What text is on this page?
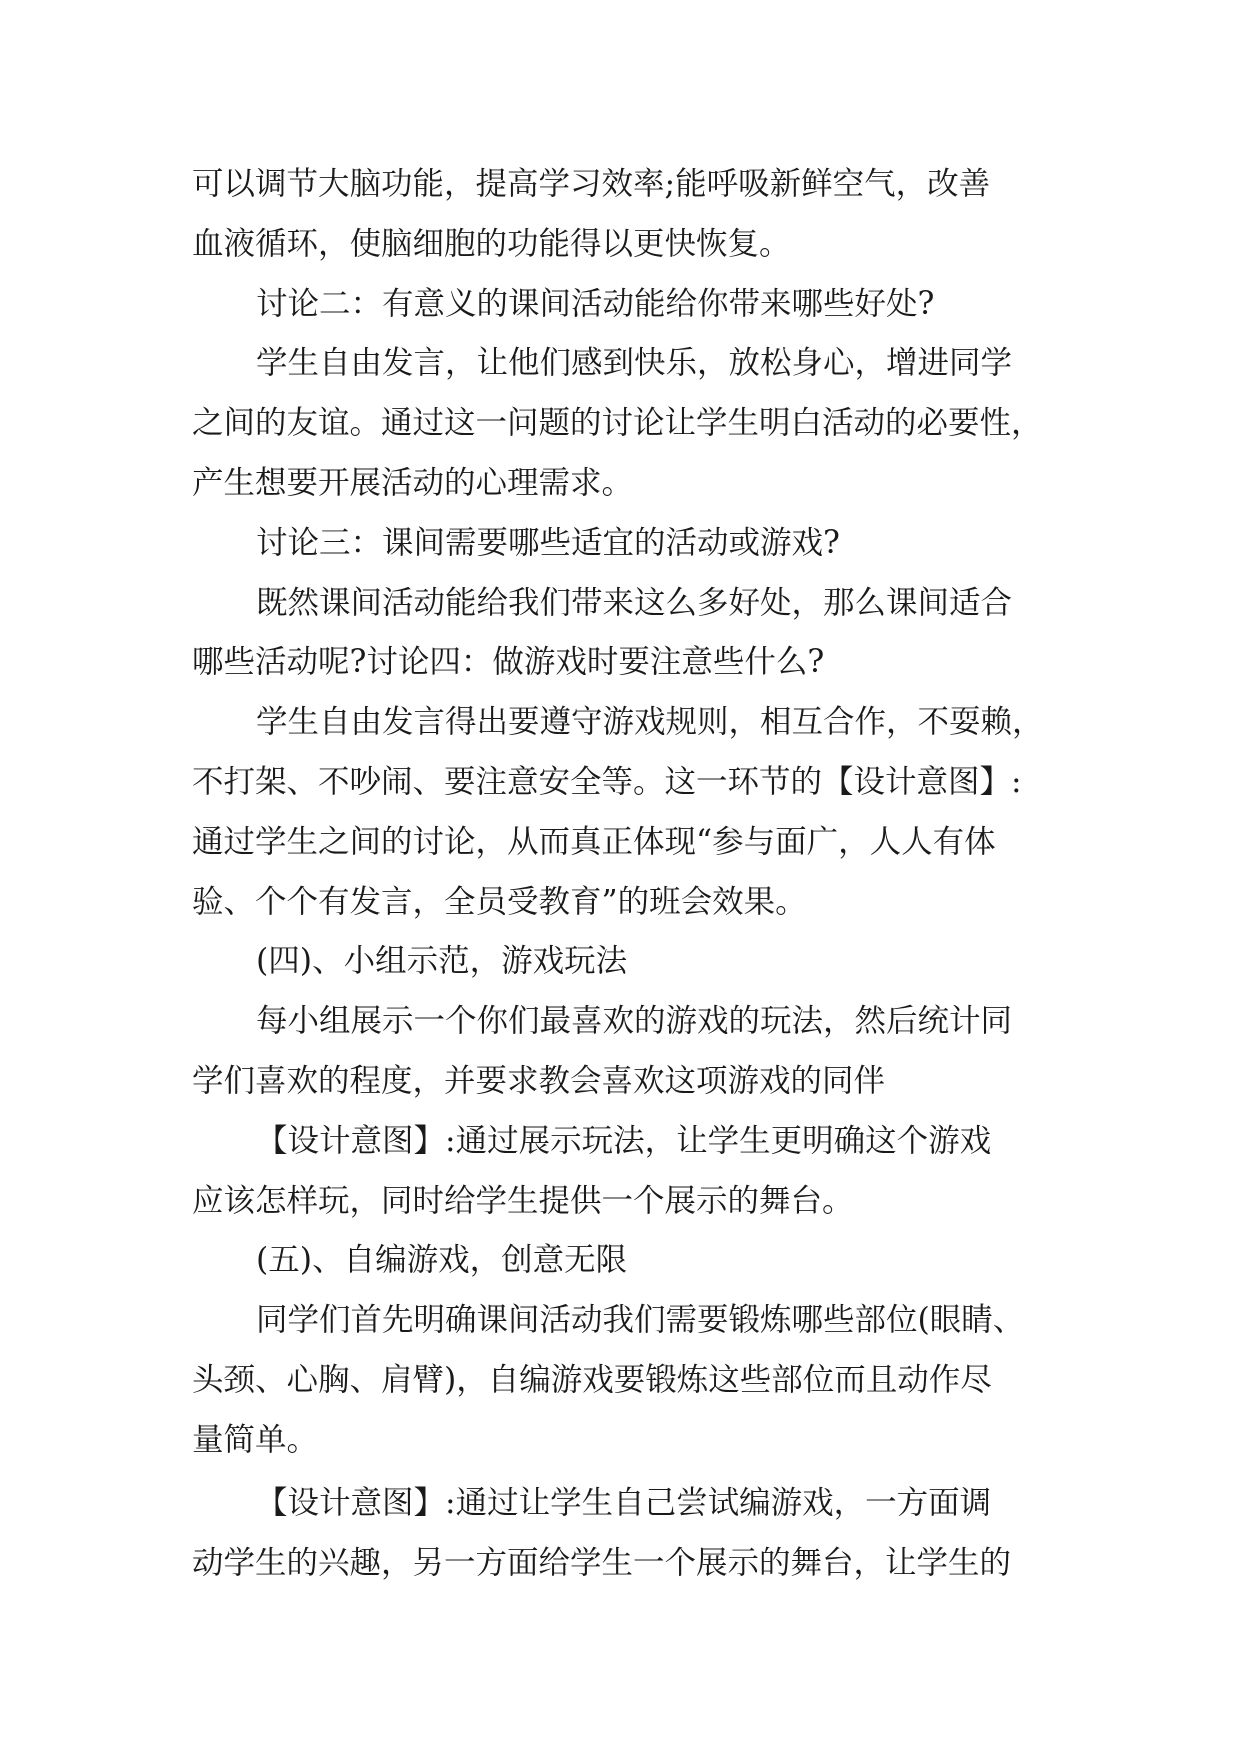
可以调节大脑功能，提高学习效率;能呼吸新鲜空气，改善
血液循环，使脑细胞的功能得以更快恢复。
讨论二：有意义的课间活动能给你带来哪些好处?
学生自由发言，让他们感到快乐，放松身心，增进同学
之间的友谊。通过这一问题的讨论让学生明白活动的必要性，
产生想要开展活动的心理需求。
讨论三：课间需要哪些适宜的活动或游戏?
既然课间活动能给我们带来这么多好处，那么课间适合
哪些活动呢?讨论四：做游戏时要注意些什么?
学生自由发言得出要遵守游戏规则，相互合作，不耍赖，
不打架、不吵闹、要注意安全等。这一环节的【设计意图】:
通过学生之间的讨论，从而真正体现“参与面广，人人有体
验、个个有发言，全员受教育”的班会效果。
(四)、小组示范，游戏玩法
每小组展示一个你们最喜欢的游戏的玩法，然后统计同
学们喜欢的程度，并要求教会喜欢这项游戏的同伴
【设计意图】:通过展示玩法，让学生更明确这个游戏
应该怎样玩，同时给学生提供一个展示的舞台。
(五)、自编游戏，创意无限
同学们首先明确课间活动我们需要锻炼哪些部位(眼睛、
头颈、心胸、肩臂)，自编游戏要锻炼这些部位而且动作尽
量简单。
【设计意图】:通过让学生自己尝试编游戏，一方面调
动学生的兴趣，另一方面给学生一个展示的舞台，让学生的
